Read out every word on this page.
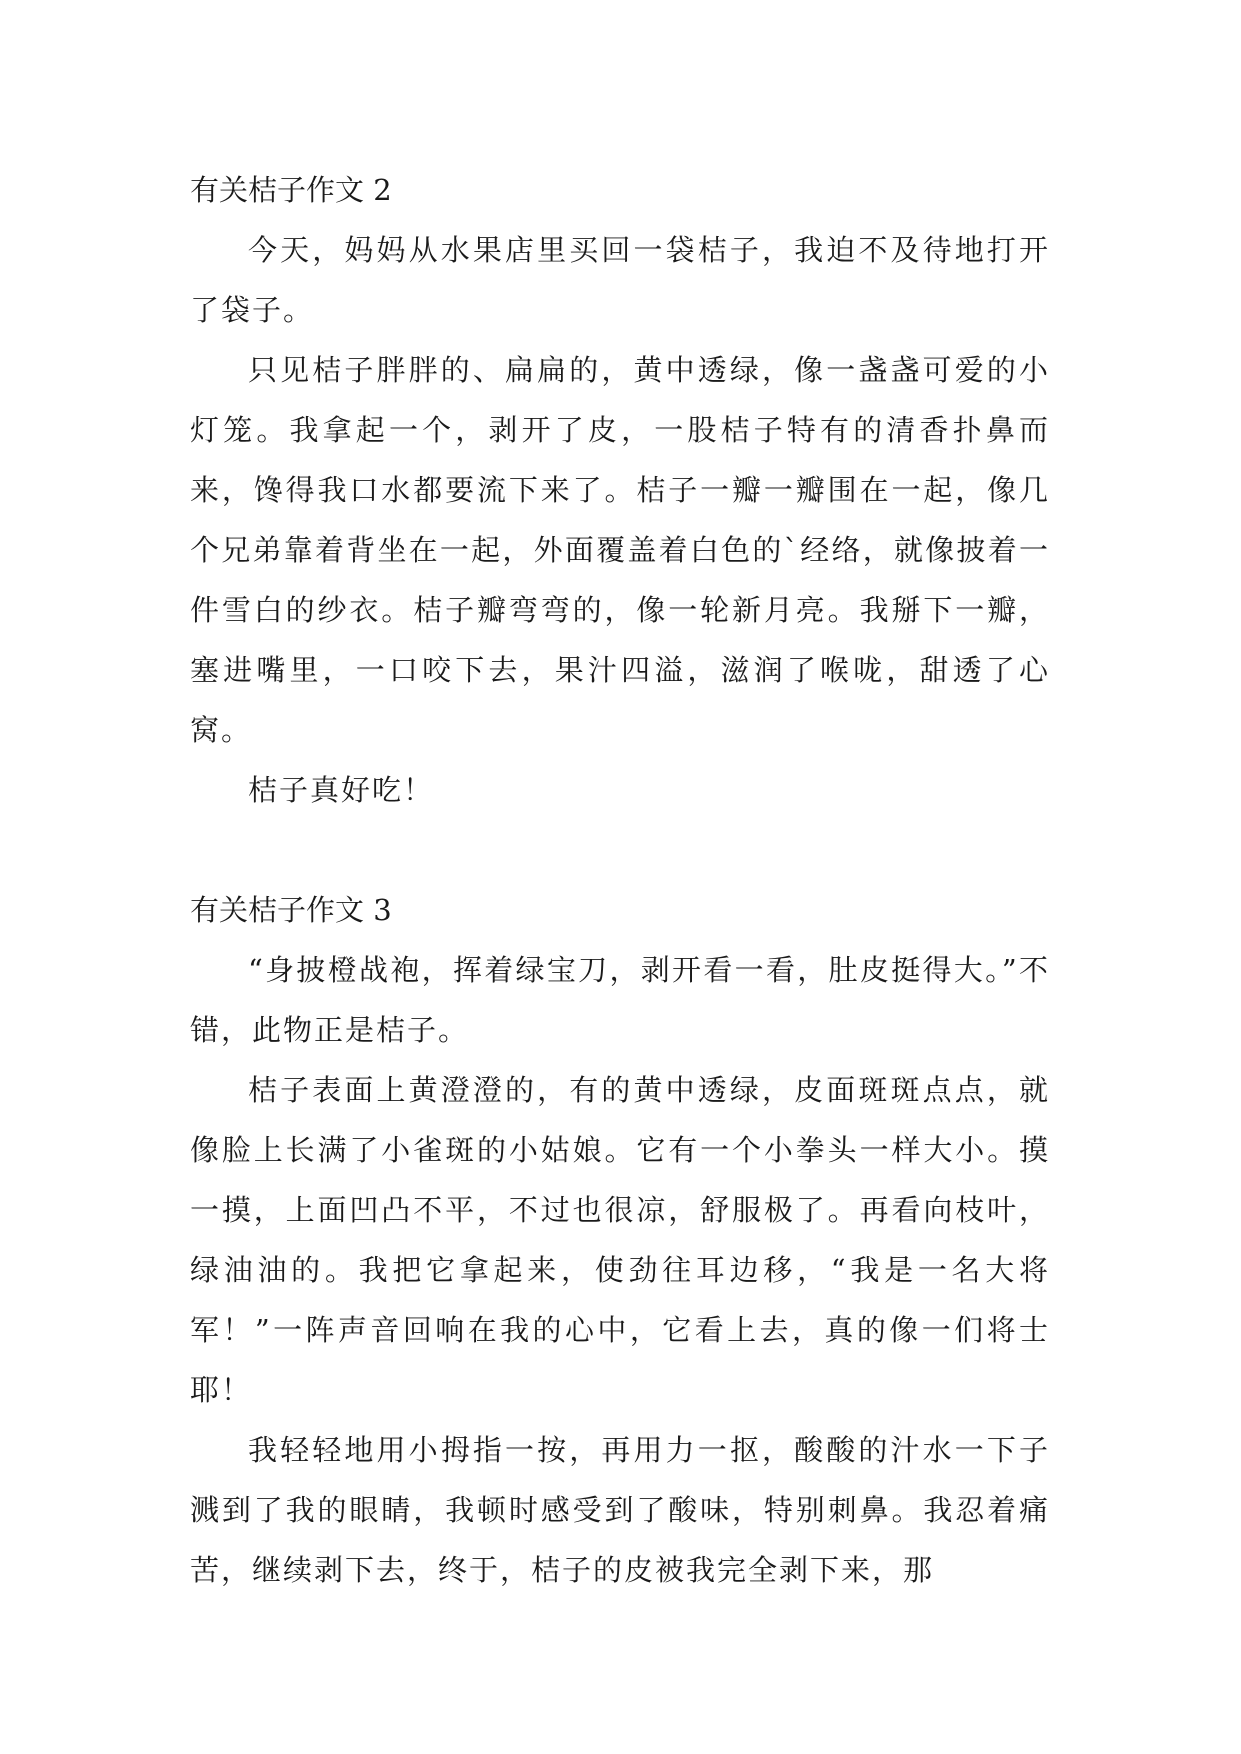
有关桔子作文 2

今天，妈妈从水果店里买回一袋桔子，我迫不及待地打开了袋子。

只见桔子胖胖的、扁扁的，黄中透绿，像一盏盏可爱的小灯笼。我拿起一个，剥开了皮，一股桔子特有的清香扑鼻而来，馋得我口水都要流下来了。桔子一瓣一瓣围在一起，像几个兄弟靠着背坐在一起，外面覆盖着白色的`经络，就像披着一件雪白的纱衣。桔子瓣弯弯的，像一轮新月亮。我掰下一瓣，塞进嘴里，一口咬下去，果汁四溢，滋润了喉咙，甜透了心窝。

桔子真好吃！

有关桔子作文 3

“身披橙战袍，挥着绿宝刀，剥开看一看，肚皮挺得大。”不错，此物正是桔子。

桔子表面上黄澄澄的，有的黄中透绿，皮面斑斑点点，就像脸上长满了小雀斑的小姑娘。它有一个小拳头一样大小。摸一摸，上面凹凸不平，不过也很凉，舒服极了。再看向枝叶，绿油油的。我把它拿起来，使劲往耳边移，“我是一名大将军！”一阵声音回响在我的心中，它看上去，真的像一们将士耶！

我轻轻地用小拇指一按，再用力一抠，酸酸的汁水一下子溅到了我的眼睛，我顿时感受到了酸味，特别刺鼻。我忍着痛苦，继续剥下去，终于，桔子的皮被我完全剥下来，那
